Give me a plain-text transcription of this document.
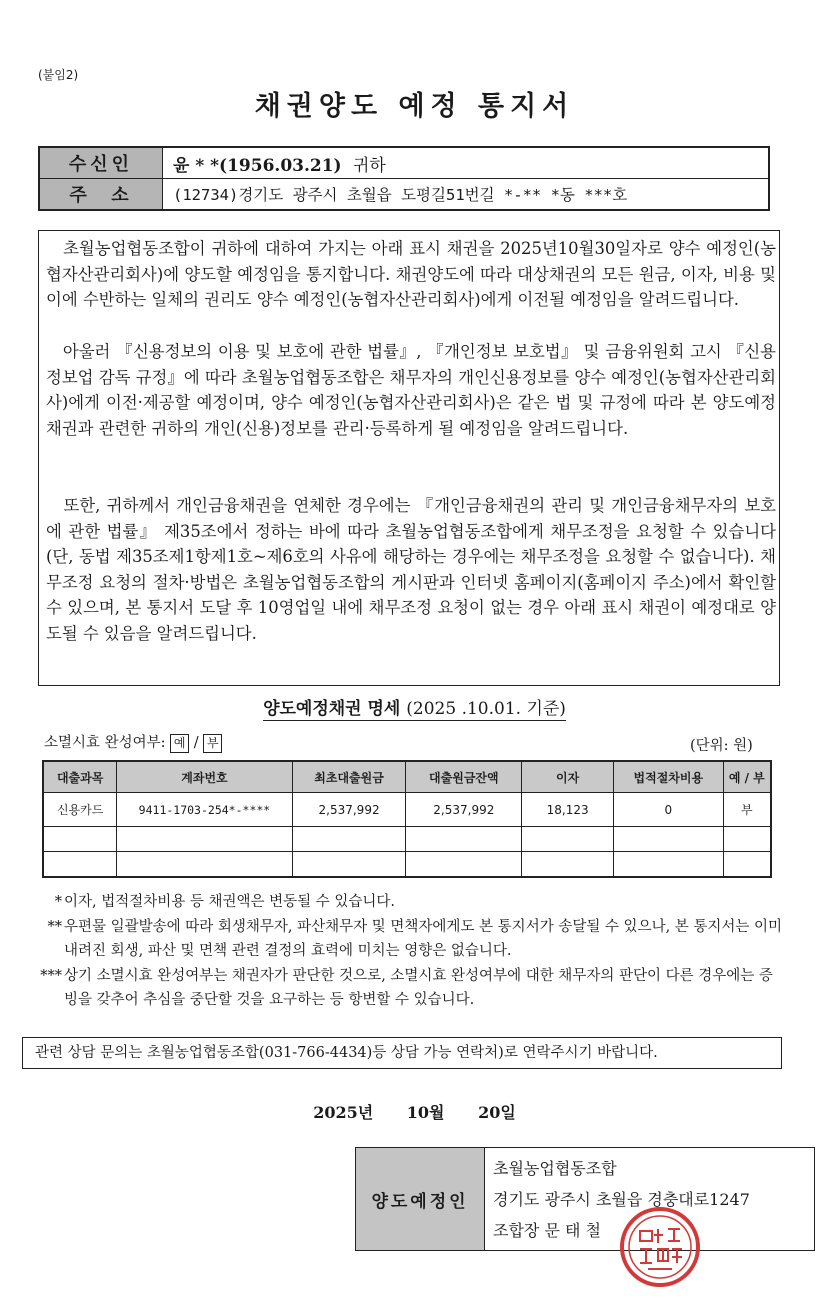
(붙임2)
채권양도 예정 통지서
수신인	윤 * *(1956.03.21) 귀하
주  소	(12734)경기도 광주시 초월읍 도평길51번길 *-** *동 ***호
　초월농업협동조합이 귀하에 대하여 가지는 아래 표시 채권을 2025년10월30일자로 양수 예정인(농협자산관리회사)에 양도할 예정임을 통지합니다. 채권양도에 따라 대상채권의 모든 원금, 이자, 비용 및 이에 수반하는 일체의 권리도 양수 예정인(농협자산관리회사)에게 이전될 예정임을 알려드립니다.
　아울러 『신용정보의 이용 및 보호에 관한 법률』, 『개인정보 보호법』 및 금융위원회 고시 『신용정보업 감독 규정』에 따라 초월농업협동조합은 채무자의 개인신용정보를 양수 예정인(농협자산관리회사)에게 이전·제공할 예정이며, 양수 예정인(농협자산관리회사)은 같은 법 및 규정에 따라 본 양도예정채권과 관련한 귀하의 개인(신용)정보를 관리·등록하게 될 예정임을 알려드립니다.
　또한, 귀하께서 개인금융채권을 연체한 경우에는 『개인금융채권의 관리 및 개인금융채무자의 보호에 관한 법률』 제35조에서 정하는 바에 따라 초월농업협동조합에게 채무조정을 요청할 수 있습니다(단, 동법 제35조제1항제1호~제6호의 사유에 해당하는 경우에는 채무조정을 요청할 수 없습니다). 채무조정 요청의 절차·방법은 초월농업협동조합의 게시판과 인터넷 홈페이지(홈페이지 주소)에서 확인할 수 있으며, 본 통지서 도달 후 10영업일 내에 채무조정 요청이 없는 경우 아래 표시 채권이 예정대로 양도될 수 있음을 알려드립니다.
양도예정채권 명세 (2025 .10.01. 기준)
소멸시효 완성여부: 예 / 부	(단위: 원)
대출과목	계좌번호	최초대출원금	대출원금잔액	이자	법적절차비용	예 / 부
신용카드	9411-1703-254*-****	2,537,992	2,537,992	18,123	0	부

* 이자, 법적절차비용 등 채권액은 변동될 수 있습니다.
** 우편물 일괄발송에 따라 회생채무자, 파산채무자 및 면책자에게도 본 통지서가 송달될 수 있으나, 본 통지서는 이미 내려진 회생, 파산 및 면책 관련 결정의 효력에 미치는 영향은 없습니다.
*** 상기 소멸시효 완성여부는 채권자가 판단한 것으로, 소멸시효 완성여부에 대한 채무자의 판단이 다른 경우에는 증빙을 갖추어 추심을 중단할 것을 요구하는 등 항변할 수 있습니다.
관련 상담 문의는 초월농업협동조합(031-766-4434)등 상담 가능 연락처)로 연락주시기 바랍니다.
2025년 10월 20일
양도예정인	
초월농업협동조합
경기도 광주시 초월읍 경충대로1247
조합장 문 태 철
